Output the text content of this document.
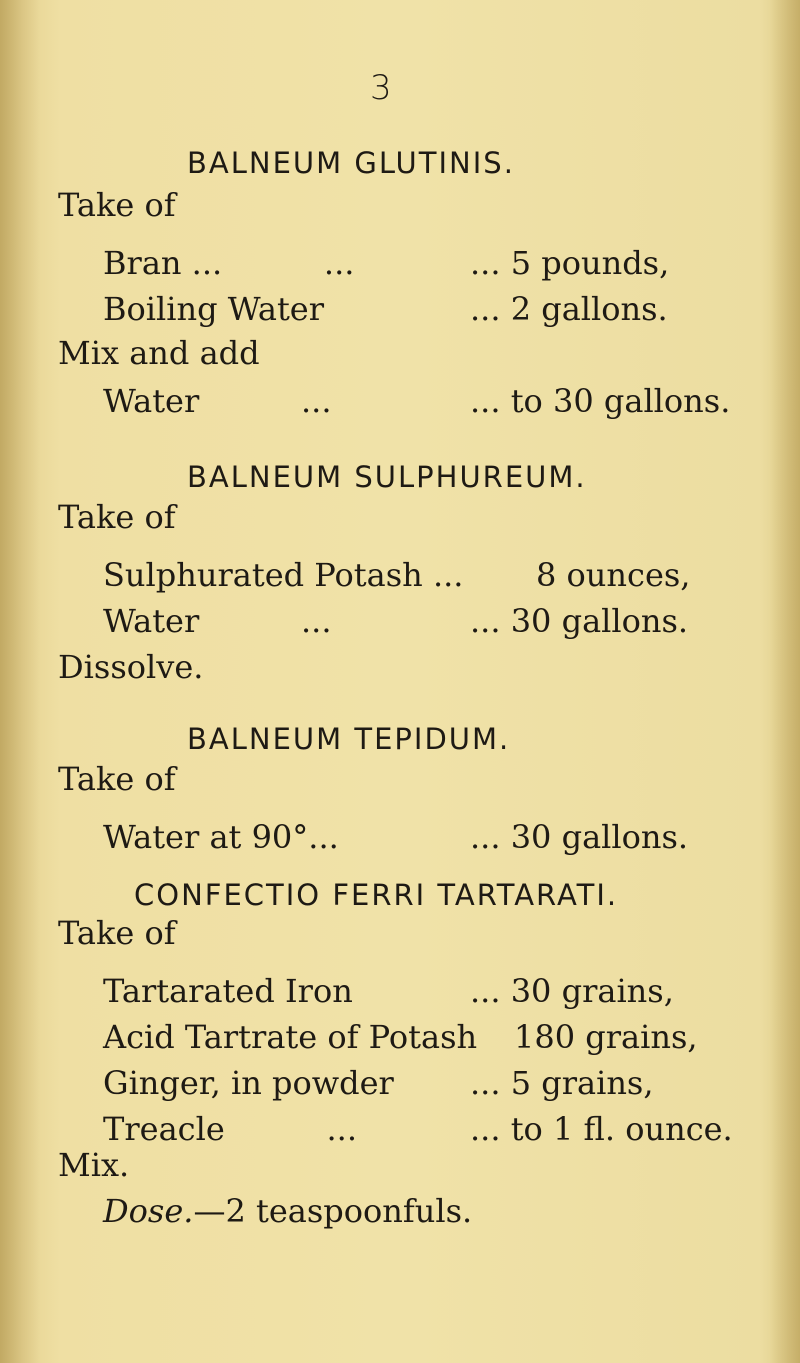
3
BALNEUM GLUTINIS.
Take of
Bran ...          ...	... 5 pounds,
Boiling Water	... 2 gallons.
Mix and add
Water          ...	... to 30 gallons.
BALNEUM SULPHUREUM.
Take of
Sulphurated Potash ... 8 ounces,
Water          ...	... 30 gallons.
Dissolve.
BALNEUM TEPIDUM.
Take of
Water at 90°...	... 30 gallons.
CONFECTIO FERRI TARTARATI.
Take of
Tartarated Iron	... 30 grains,
Acid Tartrate of Potash 180 grains,
Ginger, in powder ... 5 grains,
Treacle          ...	... to 1 fl. ounce.
Mix.
Dose.—2 teaspoonfuls.
